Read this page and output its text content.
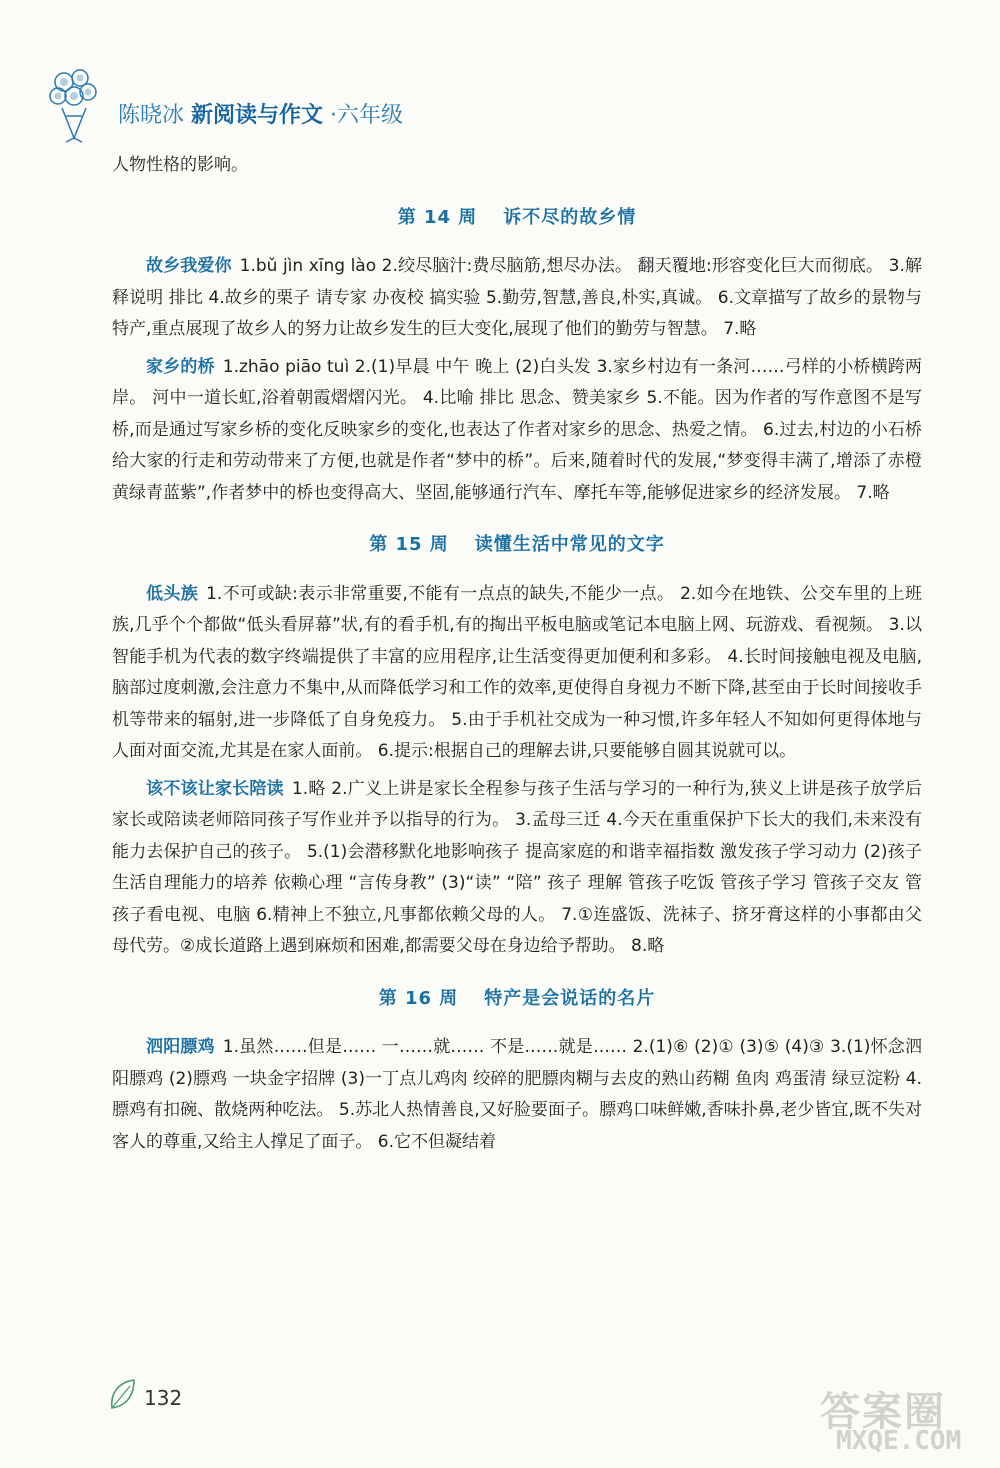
陈晓冰 新阅读与作文 ·六年级

人物性格的影响。

第 14 周 诉不尽的故乡情

故乡我爱你 1.bǔ jìn xīng lào 2.绞尽脑汁:费尽脑筋,想尽办法。 翻天覆地:形容变化巨大而彻底。 3.解释说明 排比 4.故乡的栗子 请专家 办夜校 搞实验 5.勤劳,智慧,善良,朴实,真诚。 6.文章描写了故乡的景物与特产,重点展现了故乡人的努力让故乡发生的巨大变化,展现了他们的勤劳与智慧。 7.略

家乡的桥 1.zhāo piāo tuì 2.(1)早晨 中午 晚上 (2)白头发 3.家乡村边有一条河……弓样的小桥横跨两岸。 河中一道长虹,浴着朝霞熠熠闪光。 4.比喻 排比 思念、赞美家乡 5.不能。因为作者的写作意图不是写桥,而是通过写家乡桥的变化反映家乡的变化,也表达了作者对家乡的思念、热爱之情。 6.过去,村边的小石桥给大家的行走和劳动带来了方便,也就是作者“梦中的桥”。后来,随着时代的发展,“梦变得丰满了,增添了赤橙黄绿青蓝紫”,作者梦中的桥也变得高大、坚固,能够通行汽车、摩托车等,能够促进家乡的经济发展。 7.略

第 15 周 读懂生活中常见的文字

低头族 1.不可或缺:表示非常重要,不能有一点点的缺失,不能少一点。 2.如今在地铁、公交车里的上班族,几乎个个都做“低头看屏幕”状,有的看手机,有的掏出平板电脑或笔记本电脑上网、玩游戏、看视频。 3.以智能手机为代表的数字终端提供了丰富的应用程序,让生活变得更加便利和多彩。 4.长时间接触电视及电脑,脑部过度刺激,会注意力不集中,从而降低学习和工作的效率,更使得自身视力不断下降,甚至由于长时间接收手机等带来的辐射,进一步降低了自身免疫力。 5.由于手机社交成为一种习惯,许多年轻人不知如何更得体地与人面对面交流,尤其是在家人面前。 6.提示:根据自己的理解去讲,只要能够自圆其说就可以。

该不该让家长陪读 1.略 2.广义上讲是家长全程参与孩子生活与学习的一种行为,狭义上讲是孩子放学后家长或陪读老师陪同孩子写作业并予以指导的行为。 3.孟母三迁 4.今天在重重保护下长大的我们,未来没有能力去保护自己的孩子。 5.(1)会潜移默化地影响孩子 提高家庭的和谐幸福指数 激发孩子学习动力 (2)孩子生活自理能力的培养 依赖心理 “言传身教” (3)“读” “陪” 孩子 理解 管孩子吃饭 管孩子学习 管孩子交友 管孩子看电视、电脑 6.精神上不独立,凡事都依赖父母的人。 7.①连盛饭、洗袜子、挤牙膏这样的小事都由父母代劳。②成长道路上遇到麻烦和困难,都需要父母在身边给予帮助。 8.略

第 16 周 特产是会说话的名片

泗阳膘鸡 1.虽然……但是…… 一……就…… 不是……就是…… 2.(1)⑥ (2)① (3)⑤ (4)③ 3.(1)怀念泗阳膘鸡 (2)膘鸡 一块金字招牌 (3)一丁点儿鸡肉 绞碎的肥膘肉糊与去皮的熟山药糊 鱼肉 鸡蛋清 绿豆淀粉 4.膘鸡有扣碗、散烧两种吃法。 5.苏北人热情善良,又好脸要面子。膘鸡口味鲜嫩,香味扑鼻,老少皆宜,既不失对客人的尊重,又给主人撑足了面子。 6.它不但凝结着

132	答案圈
MXQE.COM
